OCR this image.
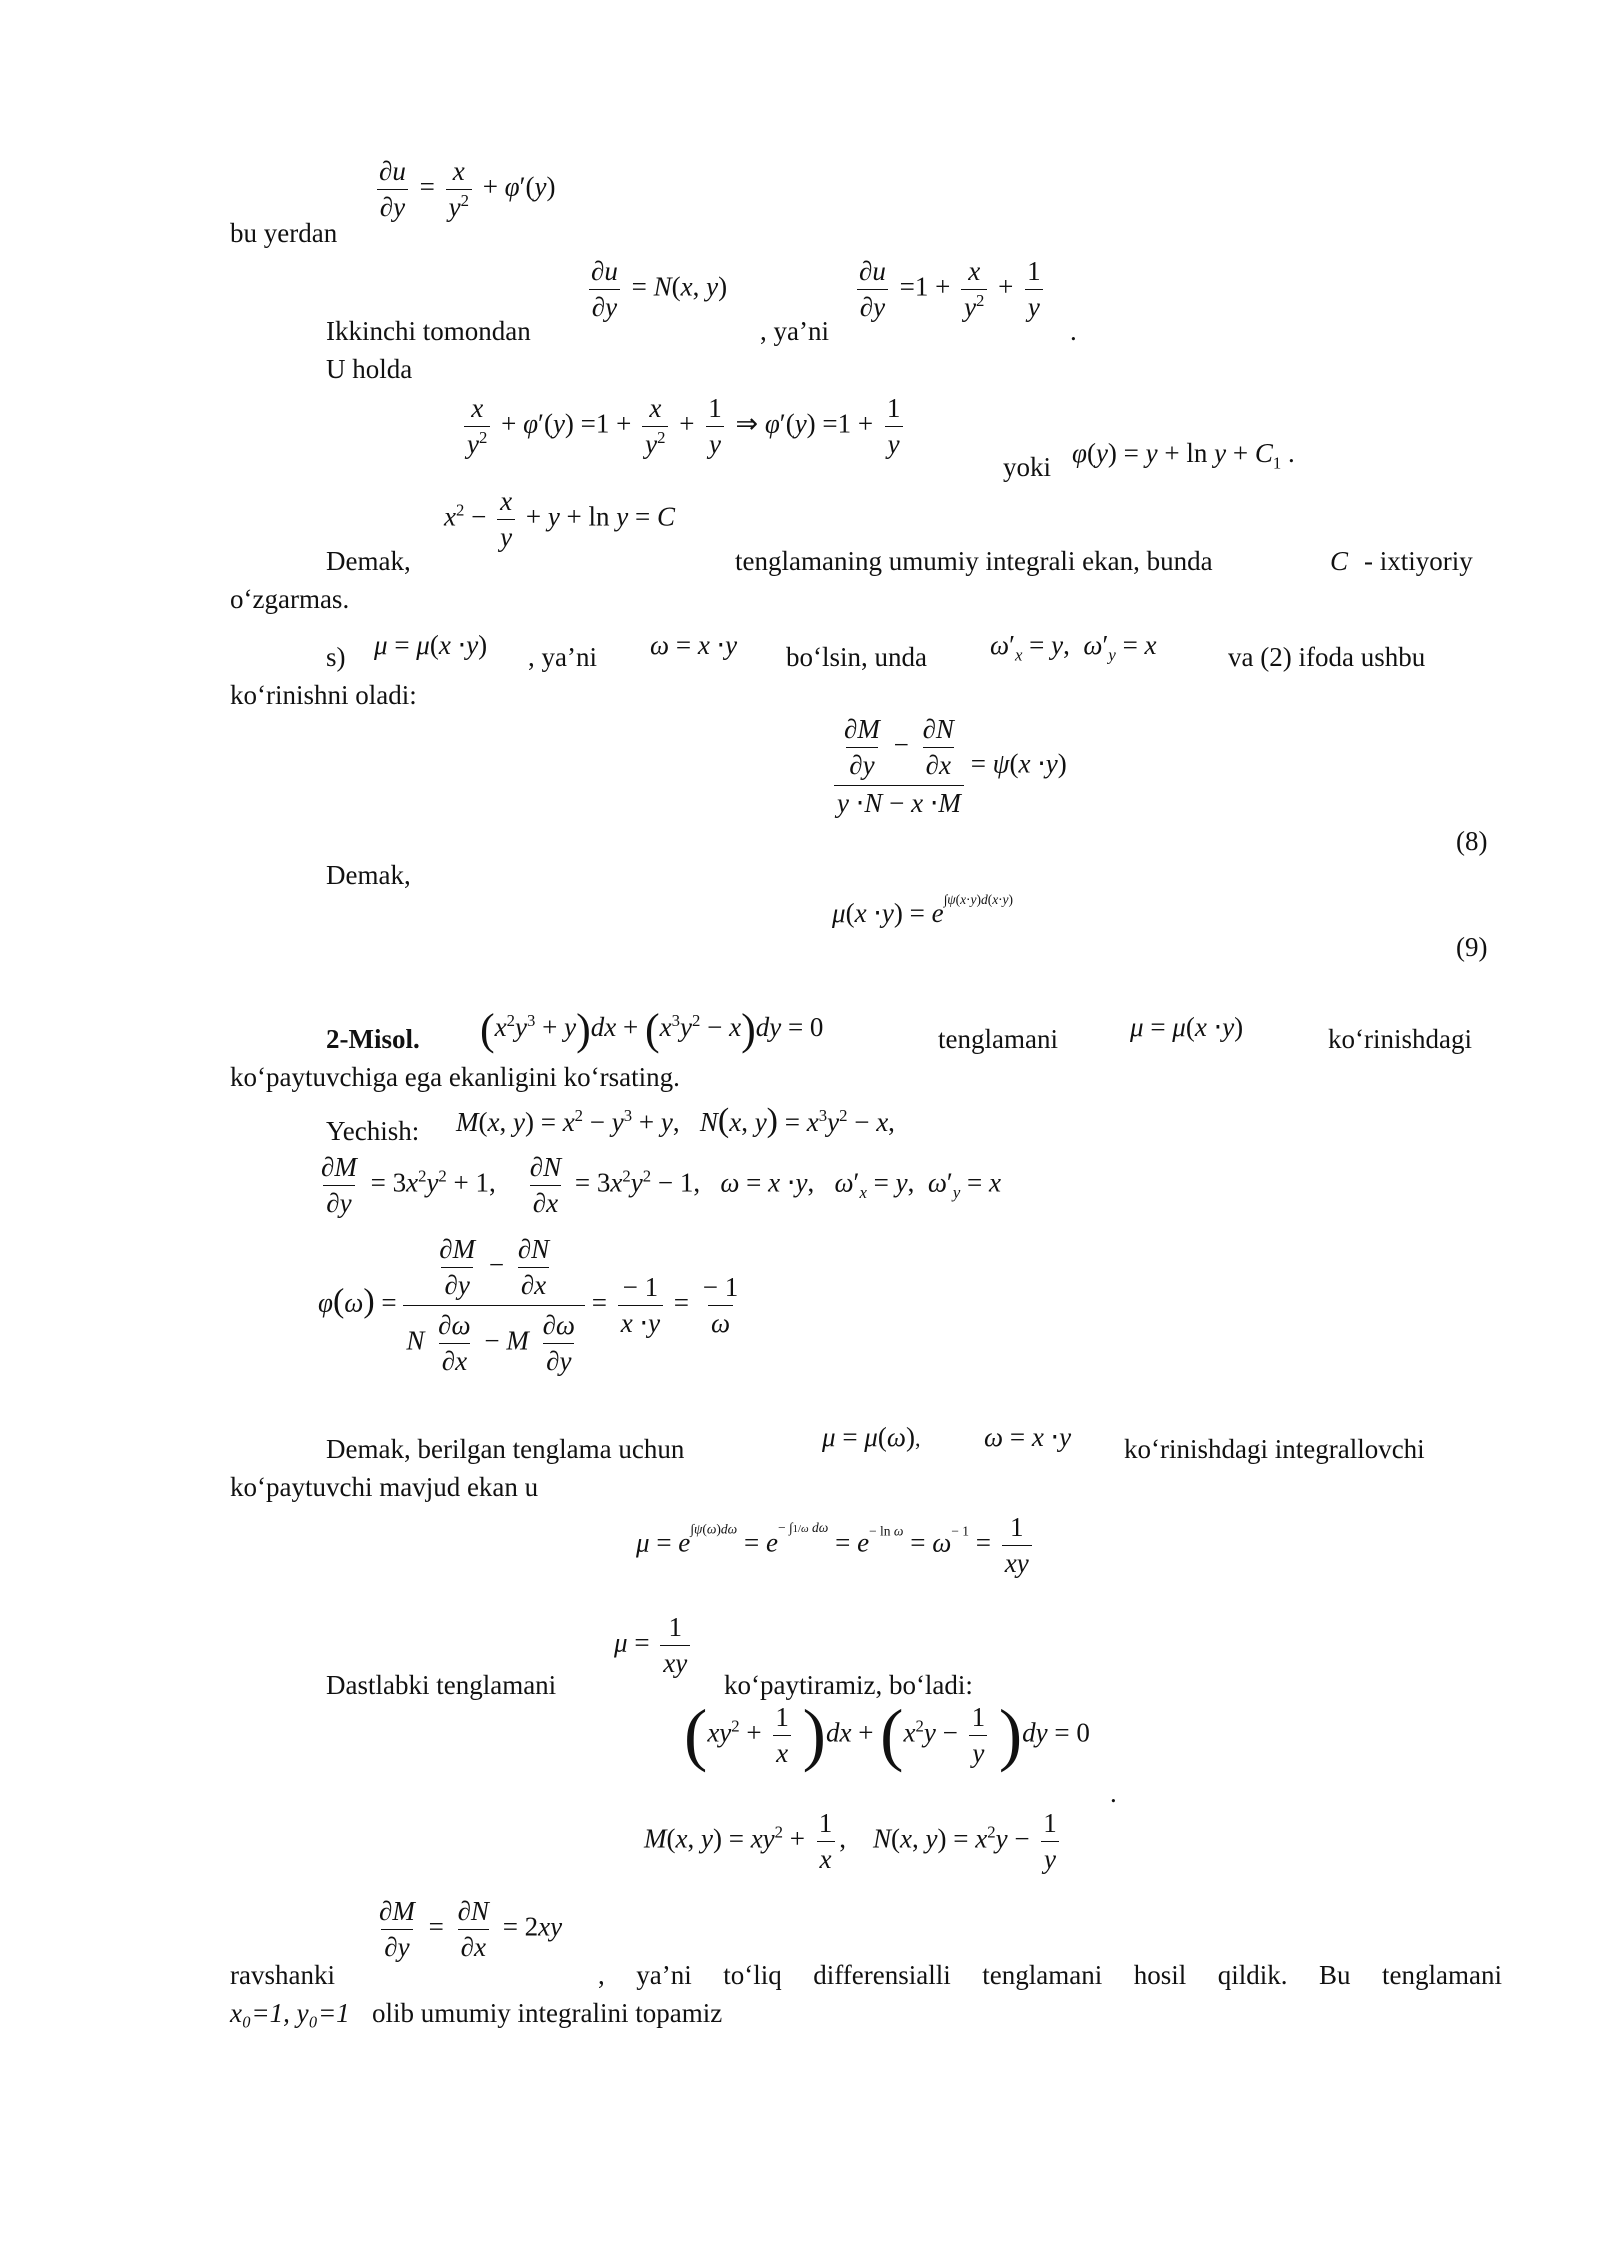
$\frac{\partial u}{\partial y} = \frac{x}{y^2} + \varphi'(y)$
bu yerdan
$\frac{\partial u}{\partial y} = N(x$, y)	$\frac{\partial u}{\partial y} =1 + \frac{x}{y^2} + \frac{1}{y}$
Ikkinchi tomondan	, ya’ni	.
U holda
$\frac{x}{y^2} + \varphi'(y) =1 + \frac{x}{y^2} + \frac{1}{y}$ ⇒ $\varphi'(y) =1 + \frac{1}{y}$
yoki $\varphi(y) = y + \ln y + C_1$ .
$x^2 - \frac{x}{y} + y + \ln y = C$
Demak,	tenglamaning umumiy integrali ekan, bunda	C - ixtiyoriy
o‘zgarmas.
s) μ = μ(x ⋅y) , ya’ni ω = x ⋅y bo‘lsin, unda $\omega'_x = y$,  $\omega'_y = x$	va (2) ifoda ushbu
ko‘rinishni oladi:
$\frac{\frac{\partial M}{\partial y} - \frac{\partial N}{\partial x}}{y \cdot N - x \cdot M} = \psi(x \cdot y)$
(8)
Demak,
$\mu(x \cdot y) = e^{\int\psi(x\cdot y)d(x\cdot y)}$
(9)
2-Misol. $(x^2y^3 + y)dx + (x^3y^2 - x)dy = 0$	tenglamani	μ = μ(x ⋅y)	ko‘rinishdagi
ko‘paytuvchiga ega ekanligini ko‘rsating.
Yechish: M(x, $y) = x^2 - y^3 + y$,   N(x, $y) = x^3y^2 - x$,
$\frac{\partial M}{\partial y} = 3x^2y^2 + 1$, $\frac{\partial N}{\partial x} = 3x^2y^2 - 1$,   ω = x ⋅y,   $\omega'_x = y$,  $\omega'_y = x$
$\varphi(\omega) = \frac{\frac{\partial M}{\partial y} - \frac{\partial N}{\partial x}}{N \frac{\partial\omega}{\partial x} - M \frac{\partial\omega}{\partial y}} = \frac{- 1}{x \cdot y} = \frac{- 1}{\omega}$
Demak, berilgan tenglama uchun	μ = μ(ω), ω = x ⋅y ko‘rinishdagi integrallovchi
ko‘paytuvchi mavjud ekan u
$\mu = e^{\int\psi(\omega)d\omega} = e^{- \int 1/\omega d\omega} = e^{- ln \omega} = \omega^{- 1} = \frac{1}{xy}$
$\mu = \frac{1}{xy}$
Dastlabki tenglamani	ko‘paytiramiz, bo‘ladi:
$(xy^2 + \frac{1}{x} )dx + (x^2y - \frac{1}{y} )dy = 0$
.
M(x, $y) = xy^2 + \frac{1}{x}$ ,    N(x, $y) = x^2y - \frac{1}{y}$
$\frac{\partial M}{\partial y} = \frac{\partial N}{\partial x} = 2xy$
ravshanki	, ya’ni to‘liq differensialli tenglamani hosil qildik. Bu tenglamani
x₀=1, y₀=1 olib umumiy integralini topamiz
